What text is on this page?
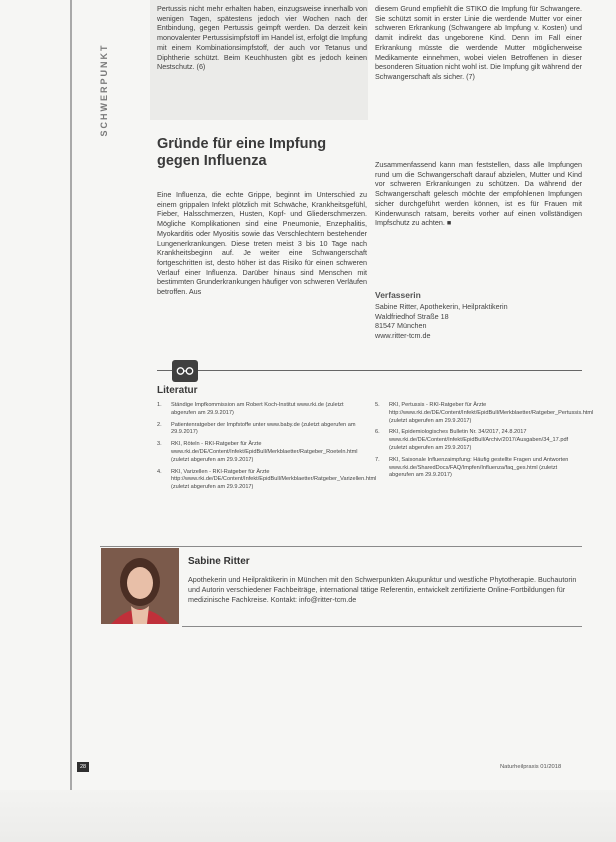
SCHWERPUNKT

Pertussis nicht mehr erhalten haben, einzugsweise innerhalb von wenigen Tagen, spätestens jedoch vier Wochen nach der Entbindung, gegen Pertussis geimpft werden. Da derzeit kein monovalenter Pertussisimpfstoff im Handel ist, erfolgt die Impfung mit einem Kombinationsimpfstoff, der auch vor Tetanus und Diphtherie schützt. Beim Keuchhusten gibt es jedoch keinen Nestschutz. (6)

Gründe für eine Impfung gegen Influenza

Eine Influenza, die echte Grippe, beginnt im Unterschied zu einem grippalen Infekt plötzlich mit Schwäche, Krankheitsgefühl, Fieber, Halsschmerzen, Husten, Kopf- und Gliederschmerzen. Mögliche Komplikationen sind eine Pneumonie, Enzephalitis, Myokarditis oder Myositis sowie das Verschlechtern bestehender Lungenerkrankungen. Diese treten meist 3 bis 10 Tage nach Krankheitsbeginn auf. Je weiter eine Schwangerschaft fortgeschritten ist, desto höher ist das Risiko für einen schweren Verlauf einer Influenza. Darüber hinaus sind Menschen mit bestimmten Grunderkrankungen häufiger von schweren Verläufen betroffen. Aus

diesem Grund empfiehlt die STIKO die Impfung für Schwangere. Sie schützt somit in erster Linie die werdende Mutter vor einer schweren Erkrankung (Schwangere ab Impfung v. Kosten) und damit indirekt das ungeborene Kind. Denn im Fall einer Erkrankung müsste die werdende Mutter möglicherweise Medikamente einnehmen, wobei vielen Betroffenen in dieser besonderen Situation nicht wohl ist. Die Impfung gilt während der Schwangerschaft als sicher. (7)

Zusammenfassend kann man feststellen, dass alle Impfungen rund um die Schwangerschaft darauf abzielen, Mutter und Kind vor schweren Erkrankungen zu schützen. Da während der Schwangerschaft gelesch möchte der empfohlenen Impfungen sicher durchgeführt werden können, ist es für Frauen mit Kinderwunsch ratsam, bereits vorher auf einen vollständigen Impfschutz zu achten. ■

Verfasserin
Sabine Ritter, Apothekerin, Heilpraktikerin
Waldfriedhof Straße 18
81547 München
www.ritter-tcm.de
Literatur
1.	Ständige Impfkommission am Robert Koch-Institut www.rki.de (zuletzt abgerufen am 29.9.2017)
2.	Patientenratgeber der Impfstoffe unter www.baby.de (zuletzt abgerufen am 29.9.2017)
3.	RKI, Röteln - RKI-Ratgeber für Ärzte www.rki.de/DE/Content/Infekt/EpidBull/Merkblaetter/Ratgeber_Roeteln.html (zuletzt abgerufen am 29.9.2017)
4.	RKI, Varizellen - RKI-Ratgeber für Ärzte http://www.rki.de/DE/Content/Infekt/EpidBull/Merkblaetter/Ratgeber_Varizellen.html (zuletzt abgerufen am 29.9.2017)
5.	RKI, Pertussis - RKI-Ratgeber für Ärzte http://www.rki.de/DE/Content/Infekt/EpidBull/Merkblaetter/Ratgeber_Pertussis.html (zuletzt abgerufen am 29.9.2017)
6.	RKI, Epidemiologisches Bulletin Nr. 34/2017, 24.8.2017 www.rki.de/DE/Content/Infekt/EpidBull/Archiv/2017/Ausgaben/34_17.pdf (zuletzt abgerufen am 29.9.2017)
7.	RKI, Saisonale Influenzaimpfung: Häufig gestellte Fragen und Antworten www.rki.de/SharedDocs/FAQ/Impfen/Influenza/faq_ges.html (zuletzt abgerufen am 29.9.2017)
Sabine Ritter
Apothekerin und Heilpraktikerin in München mit den Schwerpunkten Akupunktur und westliche Phytotherapie. Buchautorin und Autorin verschiedener Fachbeiträge, international tätige Referentin, entwickelt zertifizierte Online-Fortbildungen für medizinische Fachkreise. Kontakt: info@ritter-tcm.de
28	Naturheilpraxis 01/2018
